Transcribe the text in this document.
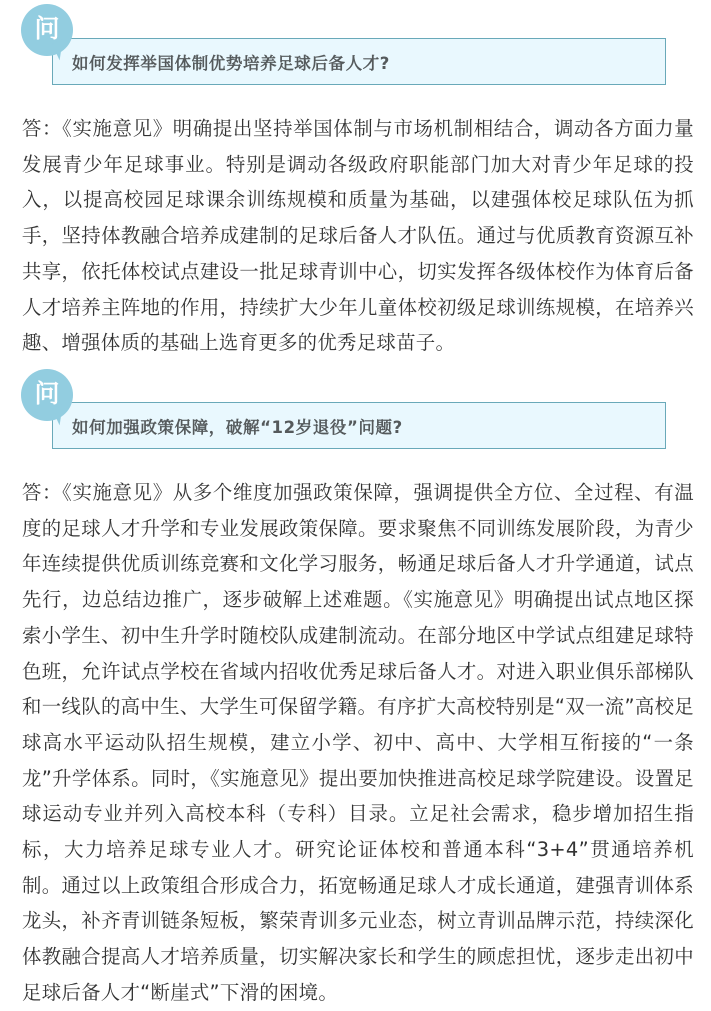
如何发挥举国体制优势培养足球后备人才?
问

答：《实施意见》明确提出坚持举国体制与市场机制相结合，调动各方面力量发展青少年足球事业。特别是调动各级政府职能部门加大对青少年足球的投入，以提高校园足球课余训练规模和质量为基础，以建强体校足球队伍为抓手，坚持体教融合培养成建制的足球后备人才队伍。通过与优质教育资源互补共享，依托体校试点建设一批足球青训中心，切实发挥各级体校作为体育后备人才培养主阵地的作用，持续扩大少年儿童体校初级足球训练规模，在培养兴趣、增强体质的基础上选育更多的优秀足球苗子。

如何加强政策保障，破解“12岁退役”问题?
问

答：《实施意见》从多个维度加强政策保障，强调提供全方位、全过程、有温度的足球人才升学和专业发展政策保障。要求聚焦不同训练发展阶段，为青少年连续提供优质训练竞赛和文化学习服务，畅通足球后备人才升学通道，试点先行，边总结边推广，逐步破解上述难题。《实施意见》明确提出试点地区探索小学生、初中生升学时随校队成建制流动。在部分地区中学试点组建足球特色班，允许试点学校在省域内招收优秀足球后备人才。对进入职业俱乐部梯队和一线队的高中生、大学生可保留学籍。有序扩大高校特别是“双一流”高校足球高水平运动队招生规模，建立小学、初中、高中、大学相互衔接的“一条龙”升学体系。同时，《实施意见》提出要加快推进高校足球学院建设。设置足球运动专业并列入高校本科（专科）目录。立足社会需求，稳步增加招生指标，大力培养足球专业人才。研究论证体校和普通本科“3+4”贯通培养机制。通过以上政策组合形成合力，拓宽畅通足球人才成长通道，建强青训体系龙头，补齐青训链条短板，繁荣青训多元业态，树立青训品牌示范，持续深化体教融合提高人才培养质量，切实解决家长和学生的顾虑担忧，逐步走出初中足球后备人才“断崖式”下滑的困境。
